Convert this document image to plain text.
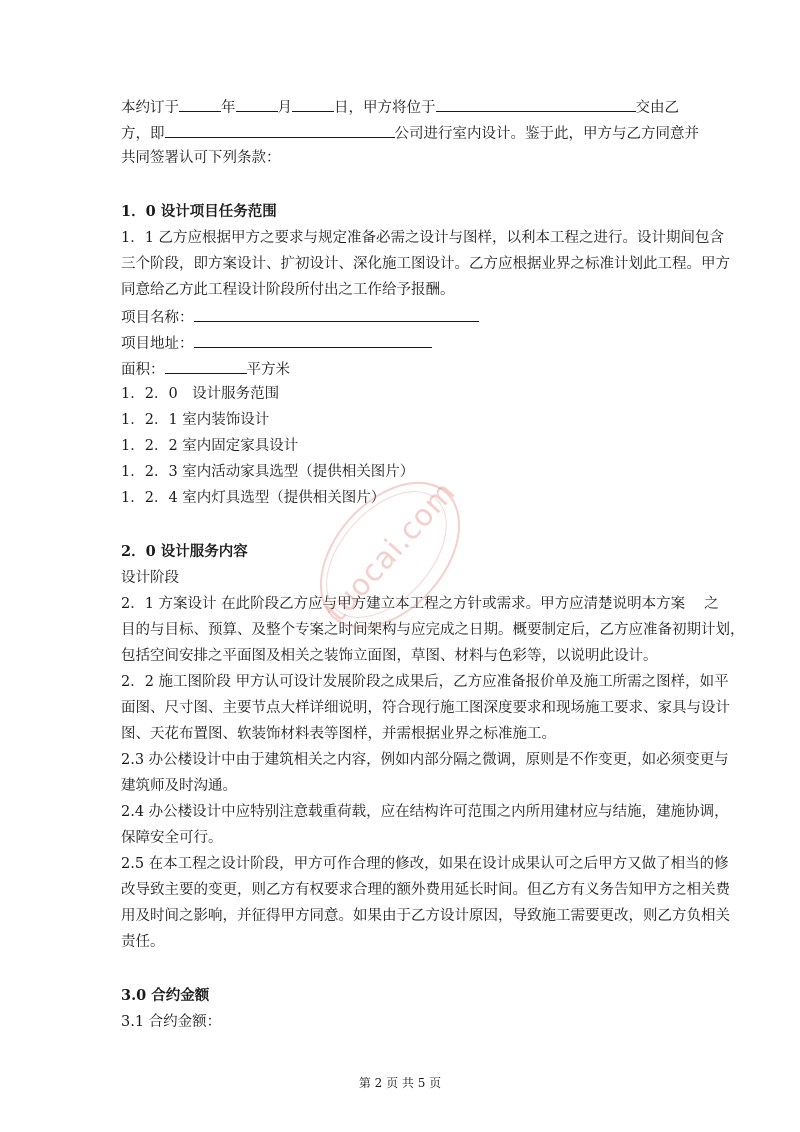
本约订于	年	月	日，甲方将位于	交由乙
方，即	公司进行室内设计。鉴于此，甲方与乙方同意并
共同签署认可下列条款：
1．0 设计项目任务范围
1．1 乙方应根据甲方之要求与规定准备必需之设计与图样，以利本工程之进行。设计期间包含
三个阶段，即方案设计、扩初设计、深化施工图设计。乙方应根据业界之标准计划此工程。甲方
同意给乙方此工程设计阶段所付出之工作给予报酬。
项目名称：
项目地址：
面积：	平方米
1．2．0　设计服务范围
1．2．1 室内装饰设计
1．2．2 室内固定家具设计
1．2．3 室内活动家具选型（提供相关图片）
1．2．4 室内灯具选型（提供相关图片）
2．0 设计服务内容
设计阶段
2．1 方案设计 在此阶段乙方应与甲方建立本工程之方针或需求。甲方应清楚说明本方案　 之
目的与目标、预算、及整个专案之时间架构与应完成之日期。概要制定后，乙方应准备初期计划，
包括空间安排之平面图及相关之装饰立面图，草图、材料与色彩等，以说明此设计。
2．2 施工图阶段 甲方认可设计发展阶段之成果后，乙方应准备报价单及施工所需之图样，如平
面图、尺寸图、主要节点大样详细说明，符合现行施工图深度要求和现场施工要求、家具与设计
图、天花布置图、软装饰材料表等图样，并需根据业界之标准施工。
2.3 办公楼设计中由于建筑相关之内容，例如内部分隔之微调，原则是不作变更，如必须变更与
建筑师及时沟通。
2.4 办公楼设计中应特别注意载重荷载，应在结构许可范围之内所用建材应与结施，建施协调，
保障安全可行。
2.5 在本工程之设计阶段，甲方可作合理的修改，如果在设计成果认可之后甲方又做了相当的修
改导致主要的变更，则乙方有权要求合理的额外费用延长时间。但乙方有义务告知甲方之相关费
用及时间之影响，并征得甲方同意。如果由于乙方设计原因，导致施工需要更改，则乙方负相关
责任。
3.0 合约金额
3.1 合约金额：
tuocai.com
第 2 页 共 5 页
